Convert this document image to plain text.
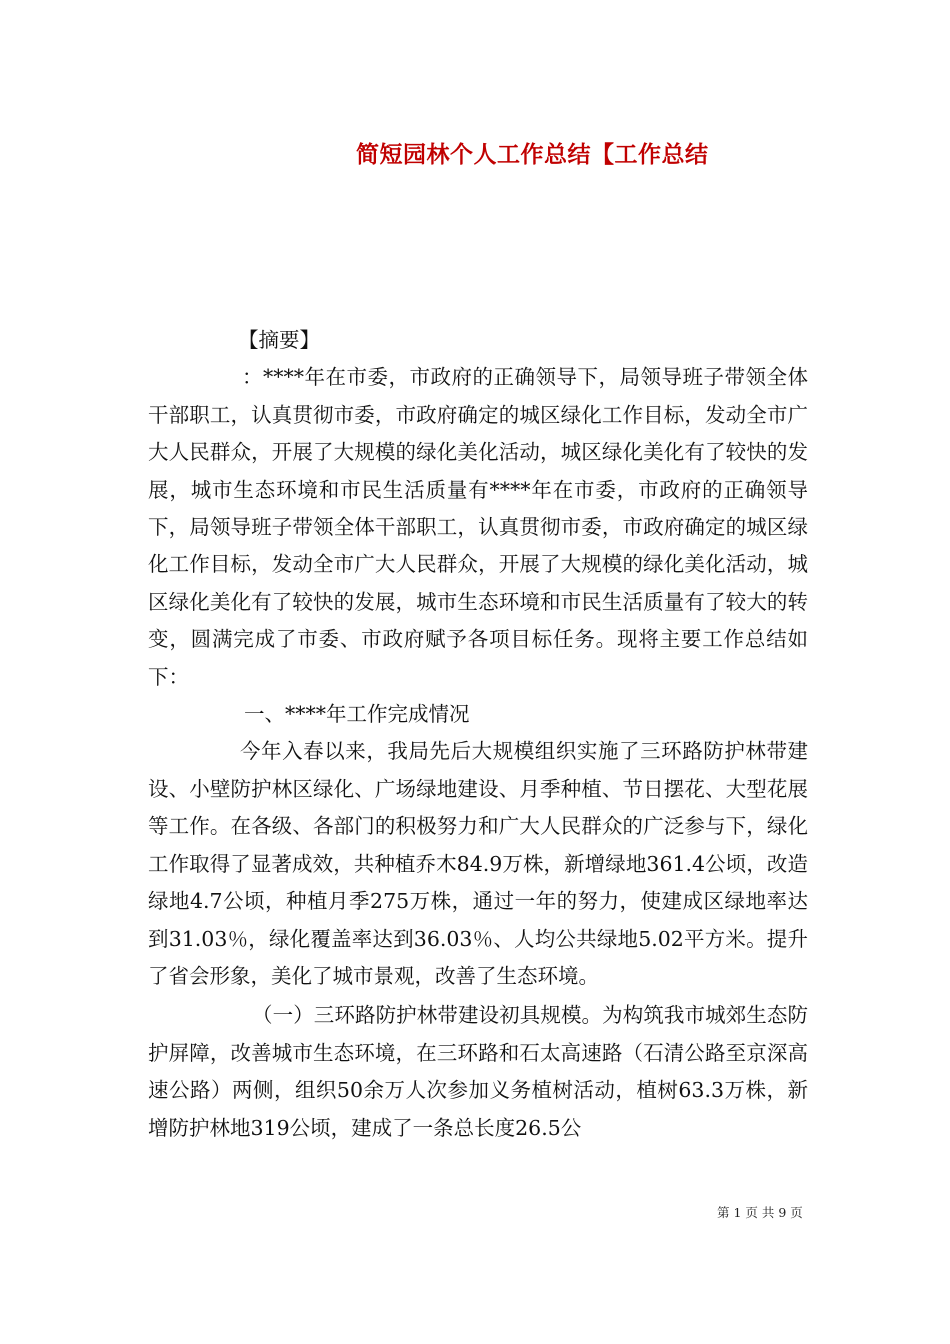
简短园林个人工作总结【工作总结

【摘要】

：****年在市委，市政府的正确领导下，局领导班子带领全体干部职工，认真贯彻市委，市政府确定的城区绿化工作目标，发动全市广大人民群众，开展了大规模的绿化美化活动，城区绿化美化有了较快的发展，城市生态环境和市民生活质量有****年在市委，市政府的正确领导下，局领导班子带领全体干部职工，认真贯彻市委，市政府确定的城区绿化工作目标，发动全市广大人民群众，开展了大规模的绿化美化活动，城区绿化美化有了较快的发展，城市生态环境和市民生活质量有了较大的转变，圆满完成了市委、市政府赋予各项目标任务。现将主要工作总结如下：

一、****年工作完成情况

今年入春以来，我局先后大规模组织实施了三环路防护林带建设、小壁防护林区绿化、广场绿地建设、月季种植、节日摆花、大型花展等工作。在各级、各部门的积极努力和广大人民群众的广泛参与下，绿化工作取得了显著成效，共种植乔木84.9万株，新增绿地361.4公顷，改造绿地4.7公顷，种植月季275万株，通过一年的努力，使建成区绿地率达到31.03％，绿化覆盖率达到36.03％、人均公共绿地5.02平方米。提升了省会形象，美化了城市景观，改善了生态环境。

（一）三环路防护林带建设初具规模。为构筑我市城郊生态防护屏障，改善城市生态环境，在三环路和石太高速路（石清公路至京深高速公路）两侧，组织50余万人次参加义务植树活动，植树63.3万株，新增防护林地319公顷，建成了一条总长度26.5公

第 1 页 共 9 页
